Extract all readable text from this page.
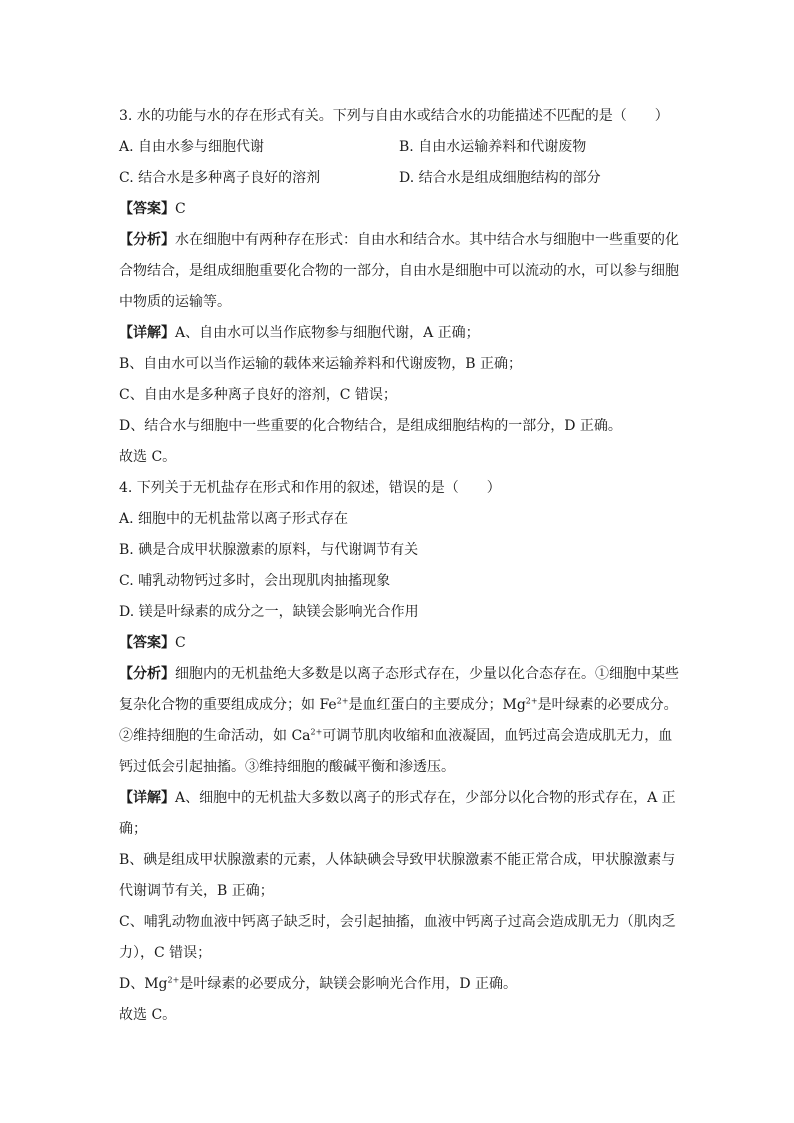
3. 水的功能与水的存在形式有关。下列与自由水或结合水的功能描述不匹配的是（　　）
A. 自由水参与细胞代谢	B. 自由水运输养料和代谢废物
C. 结合水是多种离子良好的溶剂	D. 结合水是组成细胞结构的部分
【答案】C
【分析】水在细胞中有两种存在形式：自由水和结合水。其中结合水与细胞中一些重要的化合物结合，是组成细胞重要化合物的一部分，自由水是细胞中可以流动的水，可以参与细胞中物质的运输等。
【详解】A、自由水可以当作底物参与细胞代谢，A 正确；
B、自由水可以当作运输的载体来运输养料和代谢废物，B 正确；
C、自由水是多种离子良好的溶剂，C 错误；
D、结合水与细胞中一些重要的化合物结合，是组成细胞结构的一部分，D 正确。
故选 C。
4. 下列关于无机盐存在形式和作用的叙述，错误的是（　　）
A. 细胞中的无机盐常以离子形式存在
B. 碘是合成甲状腺激素的原料，与代谢调节有关
C. 哺乳动物钙过多时，会出现肌肉抽搐现象
D. 镁是叶绿素的成分之一，缺镁会影响光合作用
【答案】C
【分析】细胞内的无机盐绝大多数是以离子态形式存在，少量以化合态存在。①细胞中某些复杂化合物的重要组成成分；如 $Fe^{2+}$是血红蛋白的主要成分；$Mg^{2+}$是叶绿素的必要成分。②维持细胞的生命活动，如 $Ca^{2+}$可调节肌肉收缩和血液凝固，血钙过高会造成肌无力，血钙过低会引起抽搐。③维持细胞的酸碱平衡和渗透压。
【详解】A、细胞中的无机盐大多数以离子的形式存在，少部分以化合物的形式存在，A 正确；
B、碘是组成甲状腺激素的元素，人体缺碘会导致甲状腺激素不能正常合成，甲状腺激素与代谢调节有关，B 正确；
C、哺乳动物血液中钙离子缺乏时，会引起抽搐，血液中钙离子过高会造成肌无力（肌肉乏力），C 错误；
D、$Mg^{2+}$是叶绿素的必要成分，缺镁会影响光合作用，D 正确。
故选 C。
